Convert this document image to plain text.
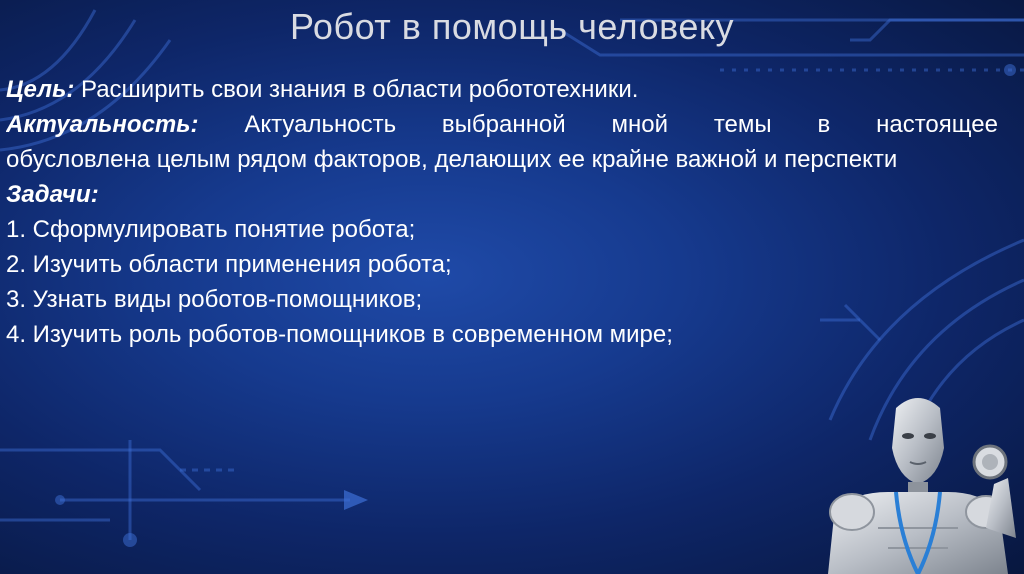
Робот в помощь человеку
Цель: Расширить свои знания в области робототехники.
Актуальность: Актуальность выбранной мной темы в настоящее
обусловлена целым рядом факторов, делающих ее крайне важной и перспекти
Задачи:
1. Сформулировать понятие робота;
2. Изучить области применения робота;
3. Узнать виды роботов-помощников;
4. Изучить роль роботов-помощников в современном мире;
